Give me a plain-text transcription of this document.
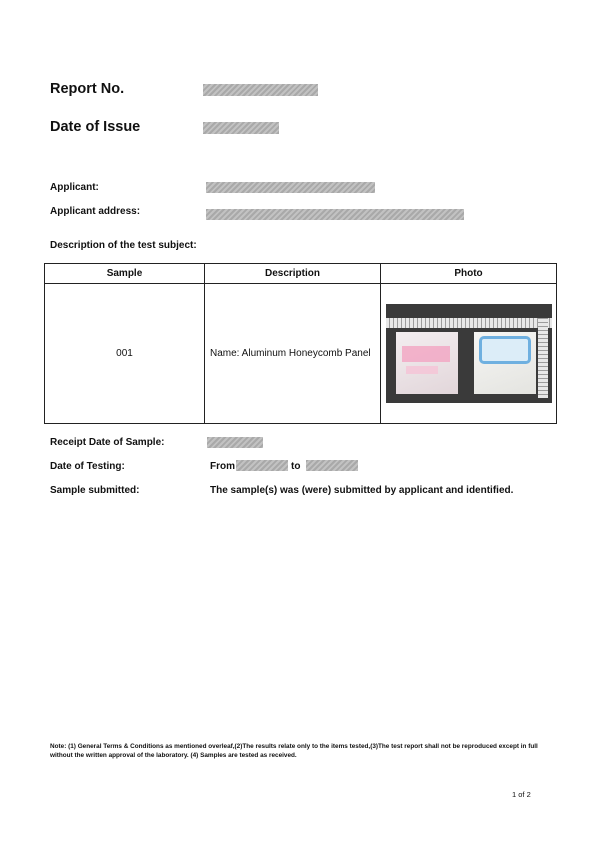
Report No.
Date of Issue
Applicant:
Applicant address:
Description of the test subject:
Sample	Description	Photo
001	Name: Aluminum Honeycomb Panel	
Receipt Date of Sample:
Date of Testing:	From	to
Sample submitted:	The sample(s) was (were) submitted by applicant and identified.
Note: (1) General Terms & Conditions as mentioned overleaf,(2)The results relate only to the items tested,(3)The test report shall not be reproduced except in full without the written approval of the laboratory. (4) Samples are tested as received.
1 of 2
